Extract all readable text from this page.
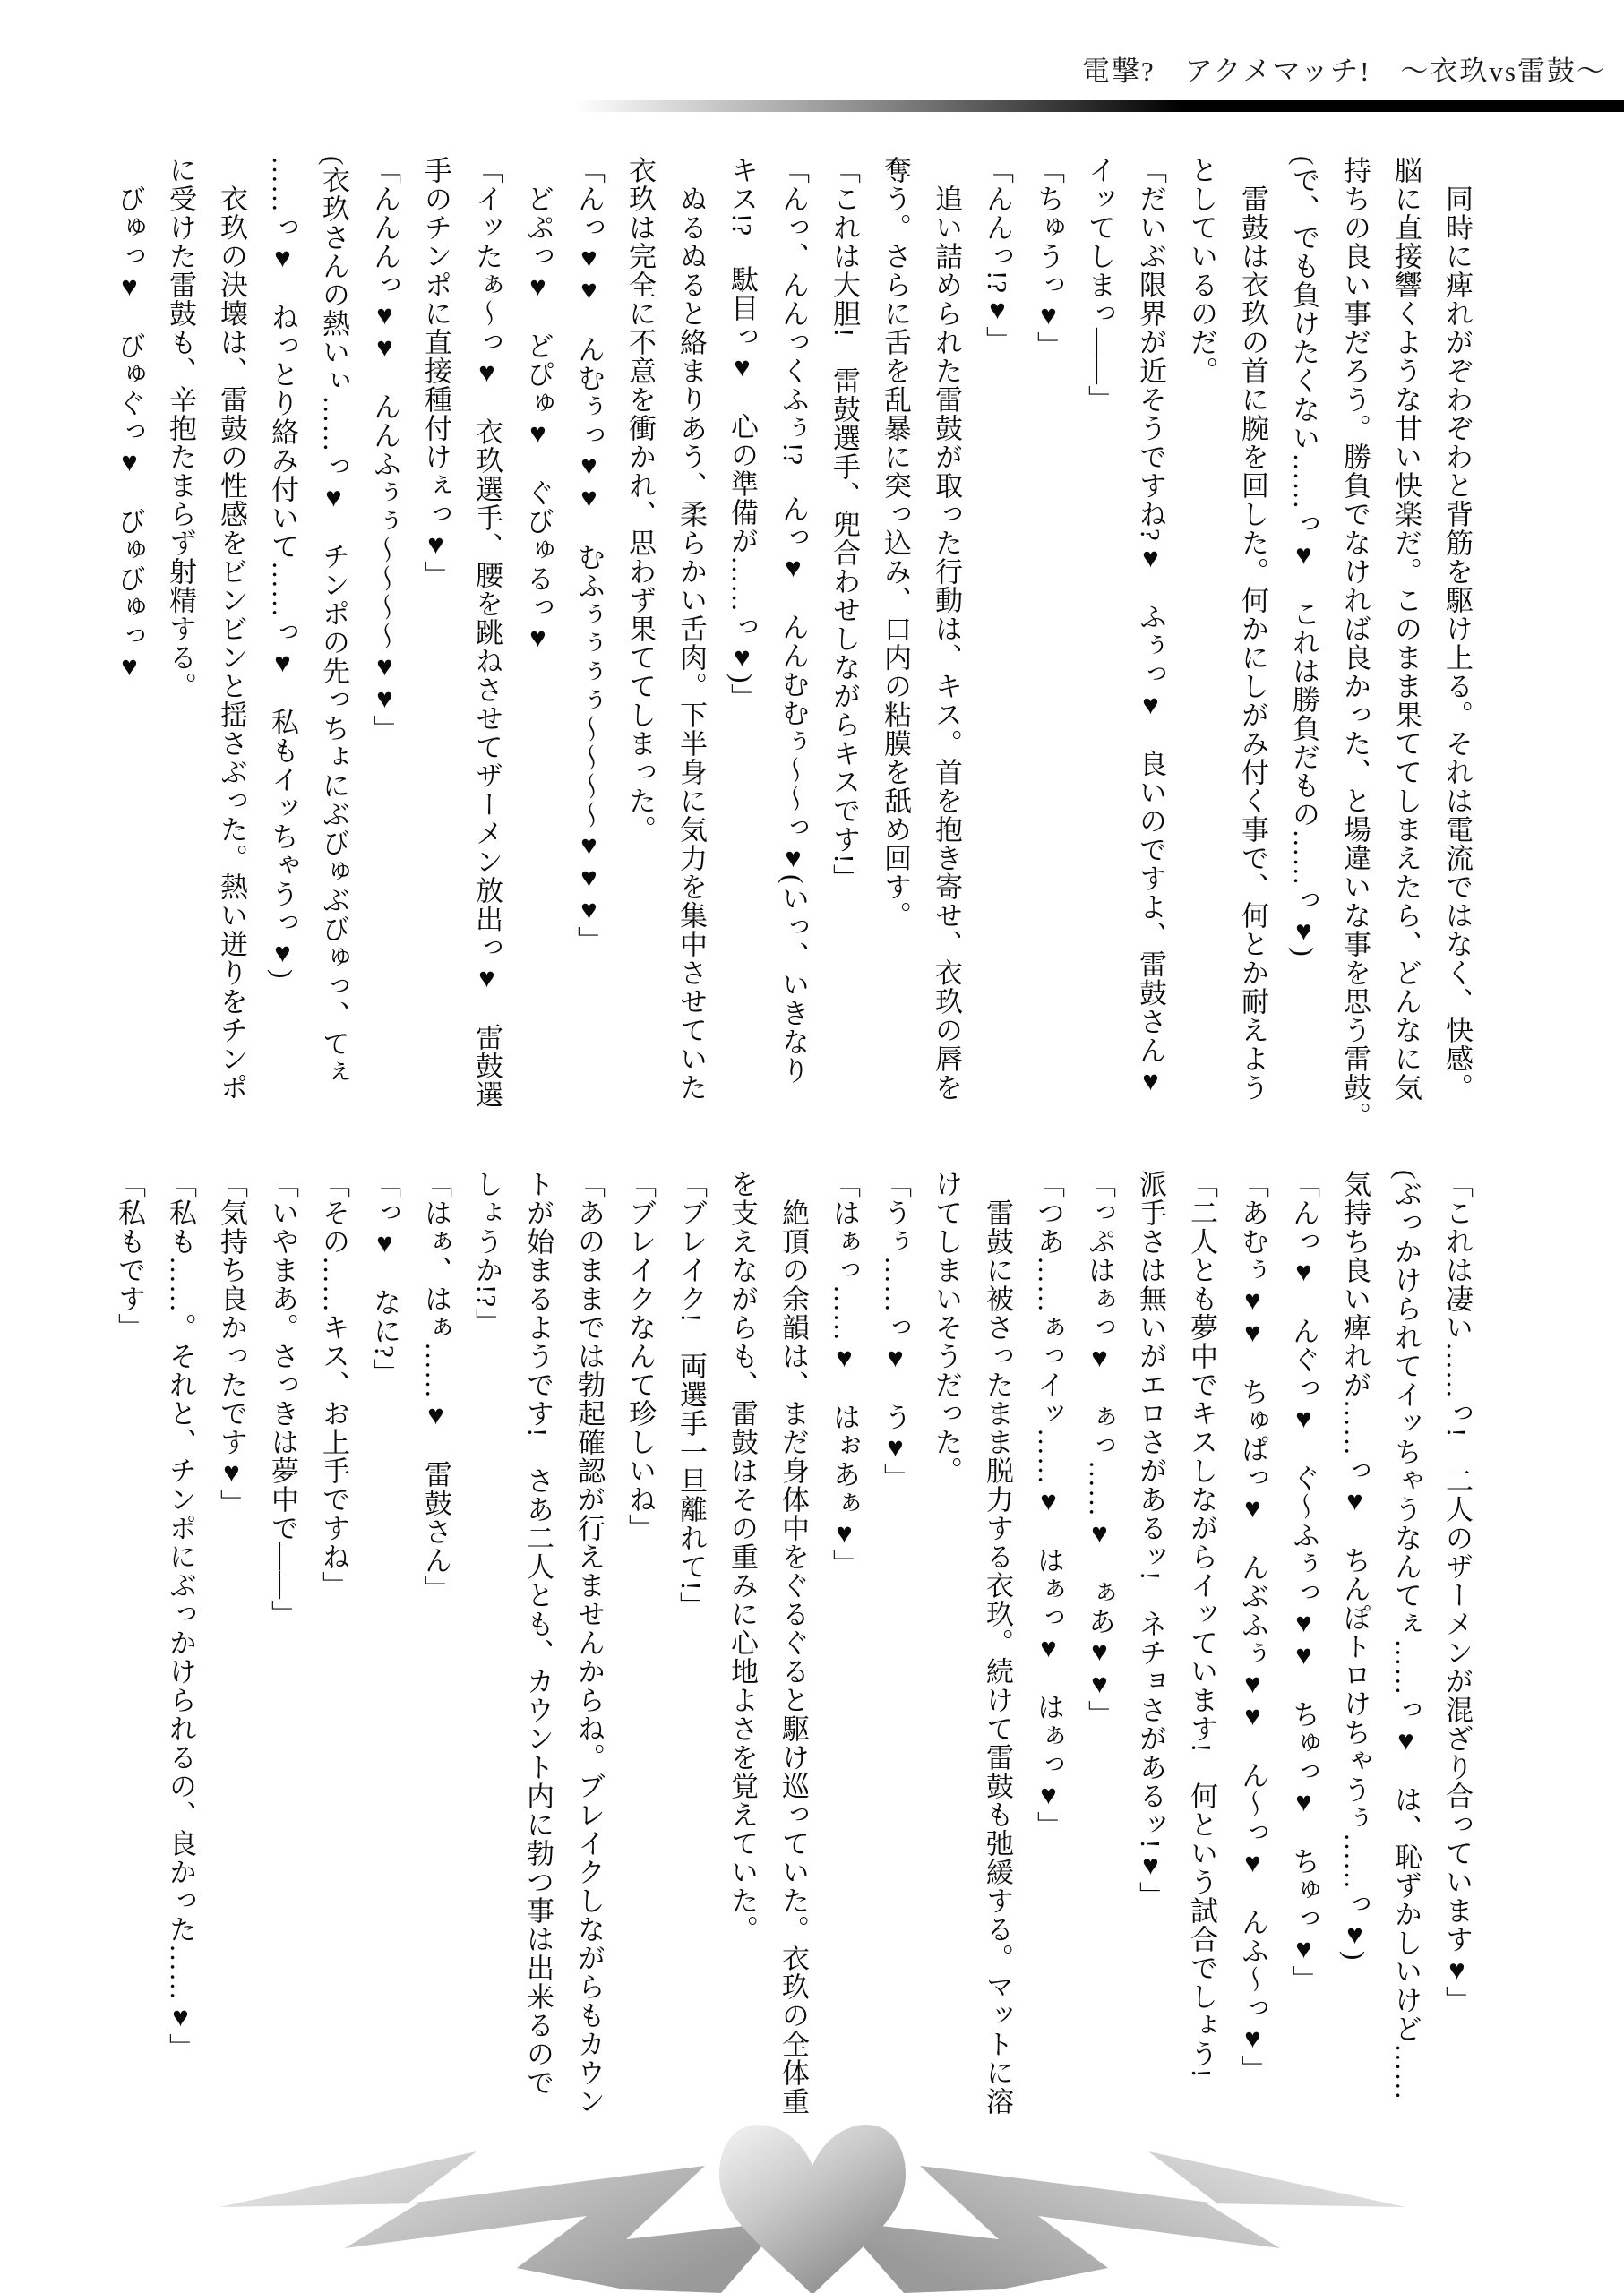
電撃?　アクメマッチ!　〜衣玖vs雷鼓〜
　同時に痺れがぞわぞわと背筋を駆け上る。それは電流ではなく、快感。
脳に直接響くような甘い快楽だ。このまま果ててしまえたら、どんなに気
持ちの良い事だろう。勝負でなければ良かった、と場違いな事を思う雷鼓。
(で、でも負けたくない……っ♥　これは勝負だもの……っ♥)
　雷鼓は衣玖の首に腕を回した。何かにしがみ付く事で、何とか耐えよう
としているのだ。
「だいぶ限界が近そうですね?♥　ふぅっ♥　良いのですよ、雷鼓さん♥
イッてしまっ――」
「ちゅうっ♥」
「んんっ!?♥」
　追い詰められた雷鼓が取った行動は、キス。首を抱き寄せ、衣玖の唇を
奪う。さらに舌を乱暴に突っ込み、口内の粘膜を舐め回す。
「これは大胆!　雷鼓選手、兜合わせしながらキスです!」
「んっ、んんっくふぅ!?　んっ♥　んんむむぅ〜〜っ♥(いっ、いきなり
キス!?　駄目っ♥　心の準備が……っ♥)」
　ぬるぬると絡まりあう、柔らかい舌肉。下半身に気力を集中させていた
衣玖は完全に不意を衝かれ、思わず果ててしまった。
「んっ♥♥　んむぅっ♥♥　むふぅぅぅぅ〜〜〜〜♥♥♥」
　どぷっ♥　どぴゅ♥　ぐびゅるっ♥
「イッたぁ〜っ♥　衣玖選手、腰を跳ねさせてザーメン放出っ♥　雷鼓選
手のチンポに直接種付けぇっ♥」
「んんんっ♥♥　んんふぅぅ〜〜〜〜♥♥」
(衣玖さんの熱いぃ……っ♥　チンポの先っちょにぶびゅぶびゅっ、てぇ
……っ♥　ねっとり絡み付いて……っ♥　私もイッちゃうっ♥)
　衣玖の決壊は、雷鼓の性感をビンビンと揺さぶった。熱い迸りをチンポ
に受けた雷鼓も、辛抱たまらず射精する。
　びゅっ♥　びゅぐっ♥　びゅびゅっ♥
「これは凄い……っ!　二人のザーメンが混ざり合っています♥」
(ぶっかけられてイッちゃうなんてぇ……っ♥　は、恥ずかしいけど……
気持ち良い痺れが……っ♥　ちんぽトロけちゃうぅ……っ♥)
「んっ♥　んぐっ♥　ぐ〜ふぅっ♥♥　ちゅっ♥　ちゅっ♥」
「あむぅ♥♥　ちゅぱっ♥　んぶふぅ♥♥　ん〜っ♥　んふ〜っ♥」
「二人とも夢中でキスしながらイッています!　何という試合でしょう!
派手さは無いがエロさがあるッ!　ネチョさがあるッ!♥」
「っぷはぁっ♥　ぁっ……♥　ぁあ♥♥」
「つあ……ぁっイッ……♥　はぁっ♥　はぁっ♥」
　雷鼓に被さったまま脱力する衣玖。続けて雷鼓も弛緩する。マットに溶
けてしまいそうだった。
「うぅ……っ♥　う♥」
「はぁっ……♥　はぉあぁ♥」
　絶頂の余韻は、まだ身体中をぐるぐると駆け巡っていた。衣玖の全体重
を支えながらも、雷鼓はその重みに心地よさを覚えていた。
「ブレイク!　両選手一旦離れて!」
「ブレイクなんて珍しいね」
「あのままでは勃起確認が行えませんからね。ブレイクしながらもカウン
トが始まるようです!　さあ二人とも、カウント内に勃つ事は出来るので
しょうか!?」
「はぁ、はぁ……♥　雷鼓さん」
「っ♥　なに?」
「その……キス、お上手ですね」
「いやまあ。さっきは夢中で――」
「気持ち良かったです♥」
「私も……。それと、チンポにぶっかけられるの、良かった……♥」
「私もです」
